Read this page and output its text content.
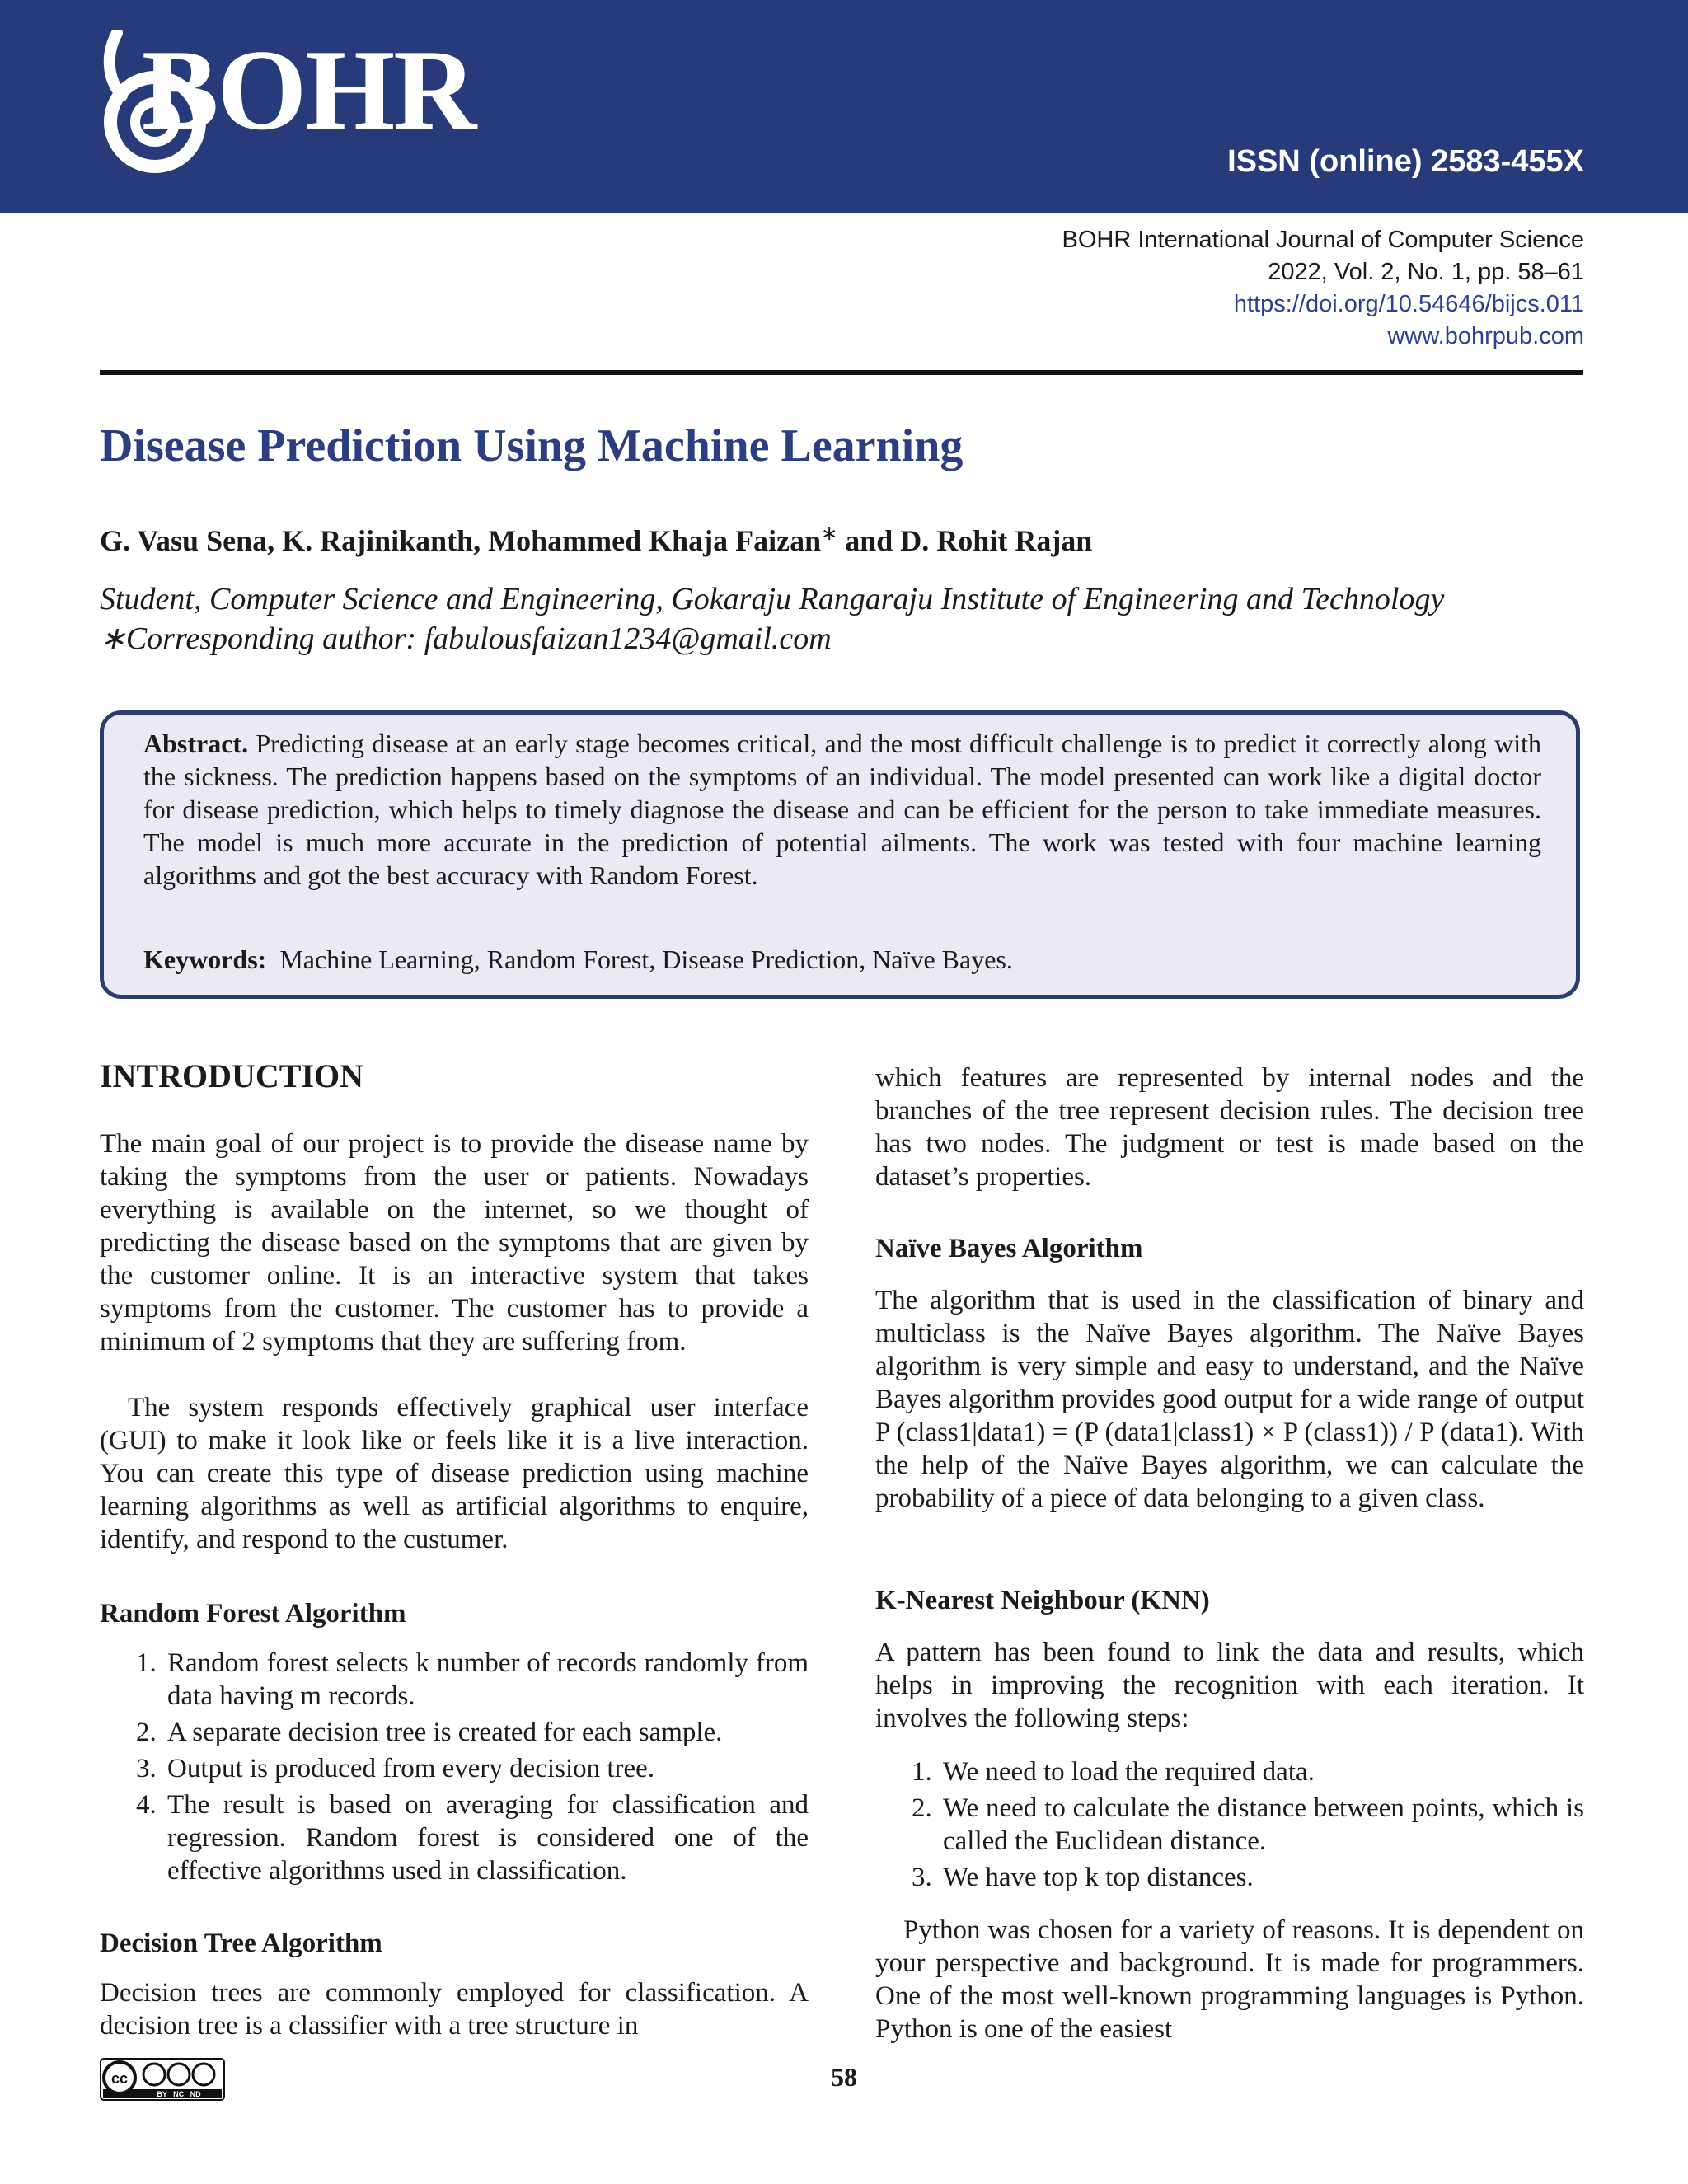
BOHR
ISSN (online) 2583-455X
BOHR International Journal of Computer Science
2022, Vol. 2, No. 1, pp. 58–61
https://doi.org/10.54646/bijcs.011
www.bohrpub.com
Disease Prediction Using Machine Learning
G. Vasu Sena, K. Rajinikanth, Mohammed Khaja Faizan∗ and D. Rohit Rajan
Student, Computer Science and Engineering, Gokaraju Rangaraju Institute of Engineering and Technology
∗Corresponding author: fabulousfaizan1234@gmail.com
Abstract. Predicting disease at an early stage becomes critical, and the most difficult challenge is to predict it correctly along with the sickness. The prediction happens based on the symptoms of an individual. The model presented can work like a digital doctor for disease prediction, which helps to timely diagnose the disease and can be efficient for the person to take immediate measures. The model is much more accurate in the prediction of potential ailments. The work was tested with four machine learning algorithms and got the best accuracy with Random Forest.
Keywords:  Machine Learning, Random Forest, Disease Prediction, Naïve Bayes.
INTRODUCTION

The main goal of our project is to provide the disease name by taking the symptoms from the user or patients. Nowadays everything is available on the internet, so we thought of predicting the disease based on the symptoms that are given by the customer online. It is an interactive system that takes symptoms from the customer. The customer has to provide a minimum of 2 symptoms that they are suffering from.

The system responds effectively graphical user interface (GUI) to make it look like or feels like it is a live interaction. You can create this type of disease prediction using machine learning algorithms as well as artificial algorithms to enquire, identify, and respond to the custumer.

Random Forest Algorithm
1. Random forest selects k number of records randomly from data having m records.
2. A separate decision tree is created for each sample.
3. Output is produced from every decision tree.
4. The result is based on averaging for classification and regression. Random forest is considered one of the effective algorithms used in classification.
Decision Tree Algorithm

Decision trees are commonly employed for classification. A decision tree is a classifier with a tree structure in

which features are represented by internal nodes and the branches of the tree represent decision rules. The decision tree has two nodes. The judgment or test is made based on the dataset’s properties.

Naïve Bayes Algorithm

The algorithm that is used in the classification of binary and multiclass is the Naïve Bayes algorithm. The Naïve Bayes algorithm is very simple and easy to understand, and the Naïve Bayes algorithm provides good output for a wide range of output P (class1|data1) = (P (data1|class1) × P (class1)) / P (data1). With the help of the Naïve Bayes algorithm, we can calculate the probability of a piece of data belonging to a given class.

K-Nearest Neighbour (KNN)

A pattern has been found to link the data and results, which helps in improving the recognition with each iteration. It involves the following steps:

1. We need to load the required data.
2. We need to calculate the distance between points, which is called the Euclidean distance.
3. We have top k top distances.

Python was chosen for a variety of reasons. It is dependent on your perspective and background. It is made for programmers. One of the most well-known programming languages is Python. Python is one of the easiest

cc
BY   NC   ND
58
